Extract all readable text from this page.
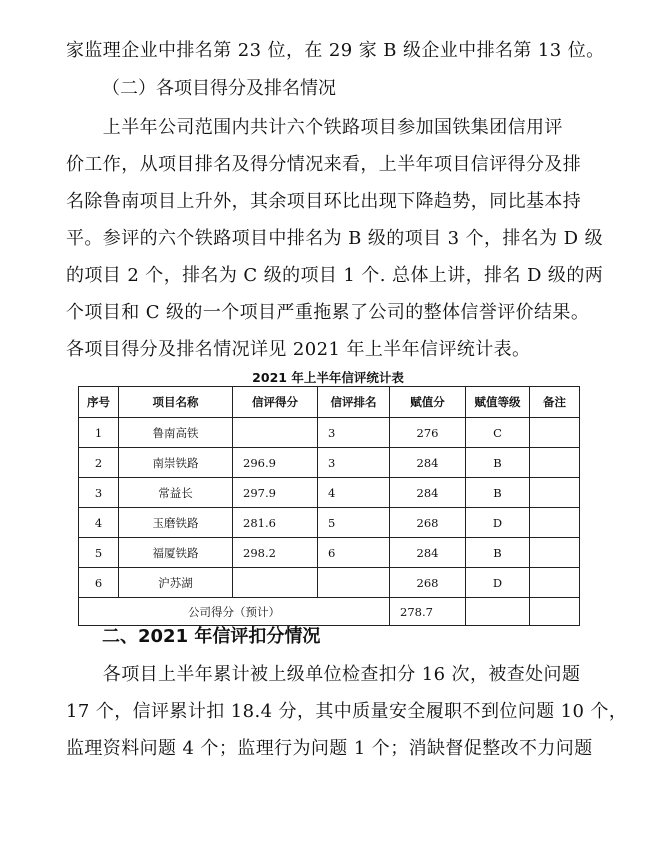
家监理企业中排名第 23 位，在 29 家 B 级企业中排名第 13 位。
（二）各项目得分及排名情况
　　上半年公司范围内共计六个铁路项目参加国铁集团信用评
价工作，从项目排名及得分情况来看，上半年项目信评得分及排
名除鲁南项目上升外，其余项目环比出现下降趋势，同比基本持
平。参评的六个铁路项目中排名为 B 级的项目 3 个，排名为 D 级
的项目 2 个，排名为 C 级的项目 1 个. 总体上讲，排名 D 级的两
个项目和 C 级的一个项目严重拖累了公司的整体信誉评价结果。
各项目得分及排名情况详见 2021 年上半年信评统计表。
2021 年上半年信评统计表
序号	项目名称	信评得分	信评排名	赋值分	赋值等级	备注
1	鲁南高铁		3	276	C	
2	南崇铁路	296.9	3	284	B	
3	常益长	297.9	4	284	B	
4	玉磨铁路	281.6	5	268	D	
5	福厦铁路	298.2	6	284	B	
6	沪苏湖			268	D	
公司得分（预计）				278.7		
二、2021 年信评扣分情况
　　各项目上半年累计被上级单位检查扣分 16 次，被查处问题
17 个，信评累计扣 18.4 分，其中质量安全履职不到位问题 10 个，
监理资料问题 4 个；监理行为问题 1 个；消缺督促整改不力问题
